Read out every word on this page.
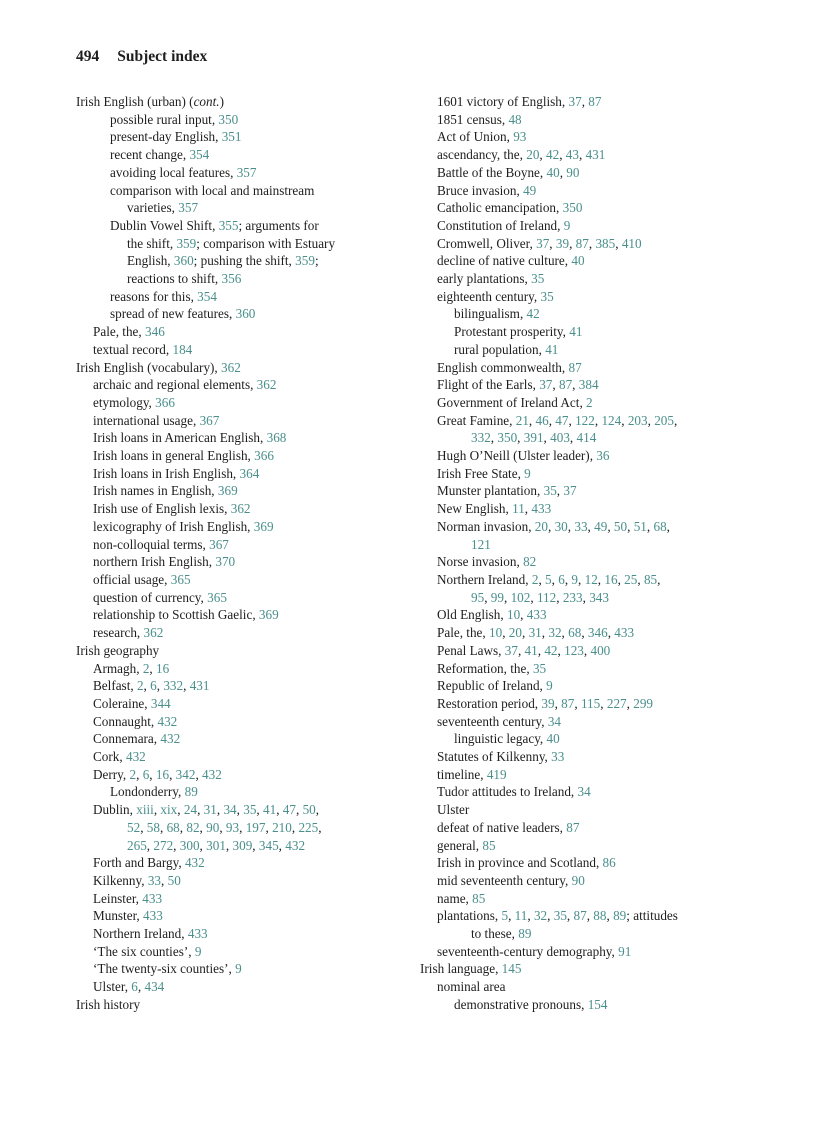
494 Subject index
Irish English (urban) (cont.)
possible rural input, 350
present-day English, 351
recent change, 354
avoiding local features, 357
comparison with local and mainstream
varieties, 357
Dublin Vowel Shift, 355; arguments for
the shift, 359; comparison with Estuary
English, 360; pushing the shift, 359;
reactions to shift, 356
reasons for this, 354
spread of new features, 360
Pale, the, 346
textual record, 184
Irish English (vocabulary), 362
archaic and regional elements, 362
etymology, 366
international usage, 367
Irish loans in American English, 368
Irish loans in general English, 366
Irish loans in Irish English, 364
Irish names in English, 369
Irish use of English lexis, 362
lexicography of Irish English, 369
non-colloquial terms, 367
northern Irish English, 370
official usage, 365
question of currency, 365
relationship to Scottish Gaelic, 369
research, 362
Irish geography
Armagh, 2, 16
Belfast, 2, 6, 332, 431
Coleraine, 344
Connaught, 432
Connemara, 432
Cork, 432
Derry, 2, 6, 16, 342, 432
Londonderry, 89
Dublin, xiii, xix, 24, 31, 34, 35, 41, 47, 50,
52, 58, 68, 82, 90, 93, 197, 210, 225,
265, 272, 300, 301, 309, 345, 432
Forth and Bargy, 432
Kilkenny, 33, 50
Leinster, 433
Munster, 433
Northern Ireland, 433
‘The six counties’, 9
‘The twenty-six counties’, 9
Ulster, 6, 434
Irish history
1601 victory of English, 37, 87
1851 census, 48
Act of Union, 93
ascendancy, the, 20, 42, 43, 431
Battle of the Boyne, 40, 90
Bruce invasion, 49
Catholic emancipation, 350
Constitution of Ireland, 9
Cromwell, Oliver, 37, 39, 87, 385, 410
decline of native culture, 40
early plantations, 35
eighteenth century, 35
bilingualism, 42
Protestant prosperity, 41
rural population, 41
English commonwealth, 87
Flight of the Earls, 37, 87, 384
Government of Ireland Act, 2
Great Famine, 21, 46, 47, 122, 124, 203, 205,
332, 350, 391, 403, 414
Hugh O’Neill (Ulster leader), 36
Irish Free State, 9
Munster plantation, 35, 37
New English, 11, 433
Norman invasion, 20, 30, 33, 49, 50, 51, 68,
121
Norse invasion, 82
Northern Ireland, 2, 5, 6, 9, 12, 16, 25, 85,
95, 99, 102, 112, 233, 343
Old English, 10, 433
Pale, the, 10, 20, 31, 32, 68, 346, 433
Penal Laws, 37, 41, 42, 123, 400
Reformation, the, 35
Republic of Ireland, 9
Restoration period, 39, 87, 115, 227, 299
seventeenth century, 34
linguistic legacy, 40
Statutes of Kilkenny, 33
timeline, 419
Tudor attitudes to Ireland, 34
Ulster
defeat of native leaders, 87
general, 85
Irish in province and Scotland, 86
mid seventeenth century, 90
name, 85
plantations, 5, 11, 32, 35, 87, 88, 89; attitudes
to these, 89
seventeenth-century demography, 91
Irish language, 145
nominal area
demonstrative pronouns, 154
